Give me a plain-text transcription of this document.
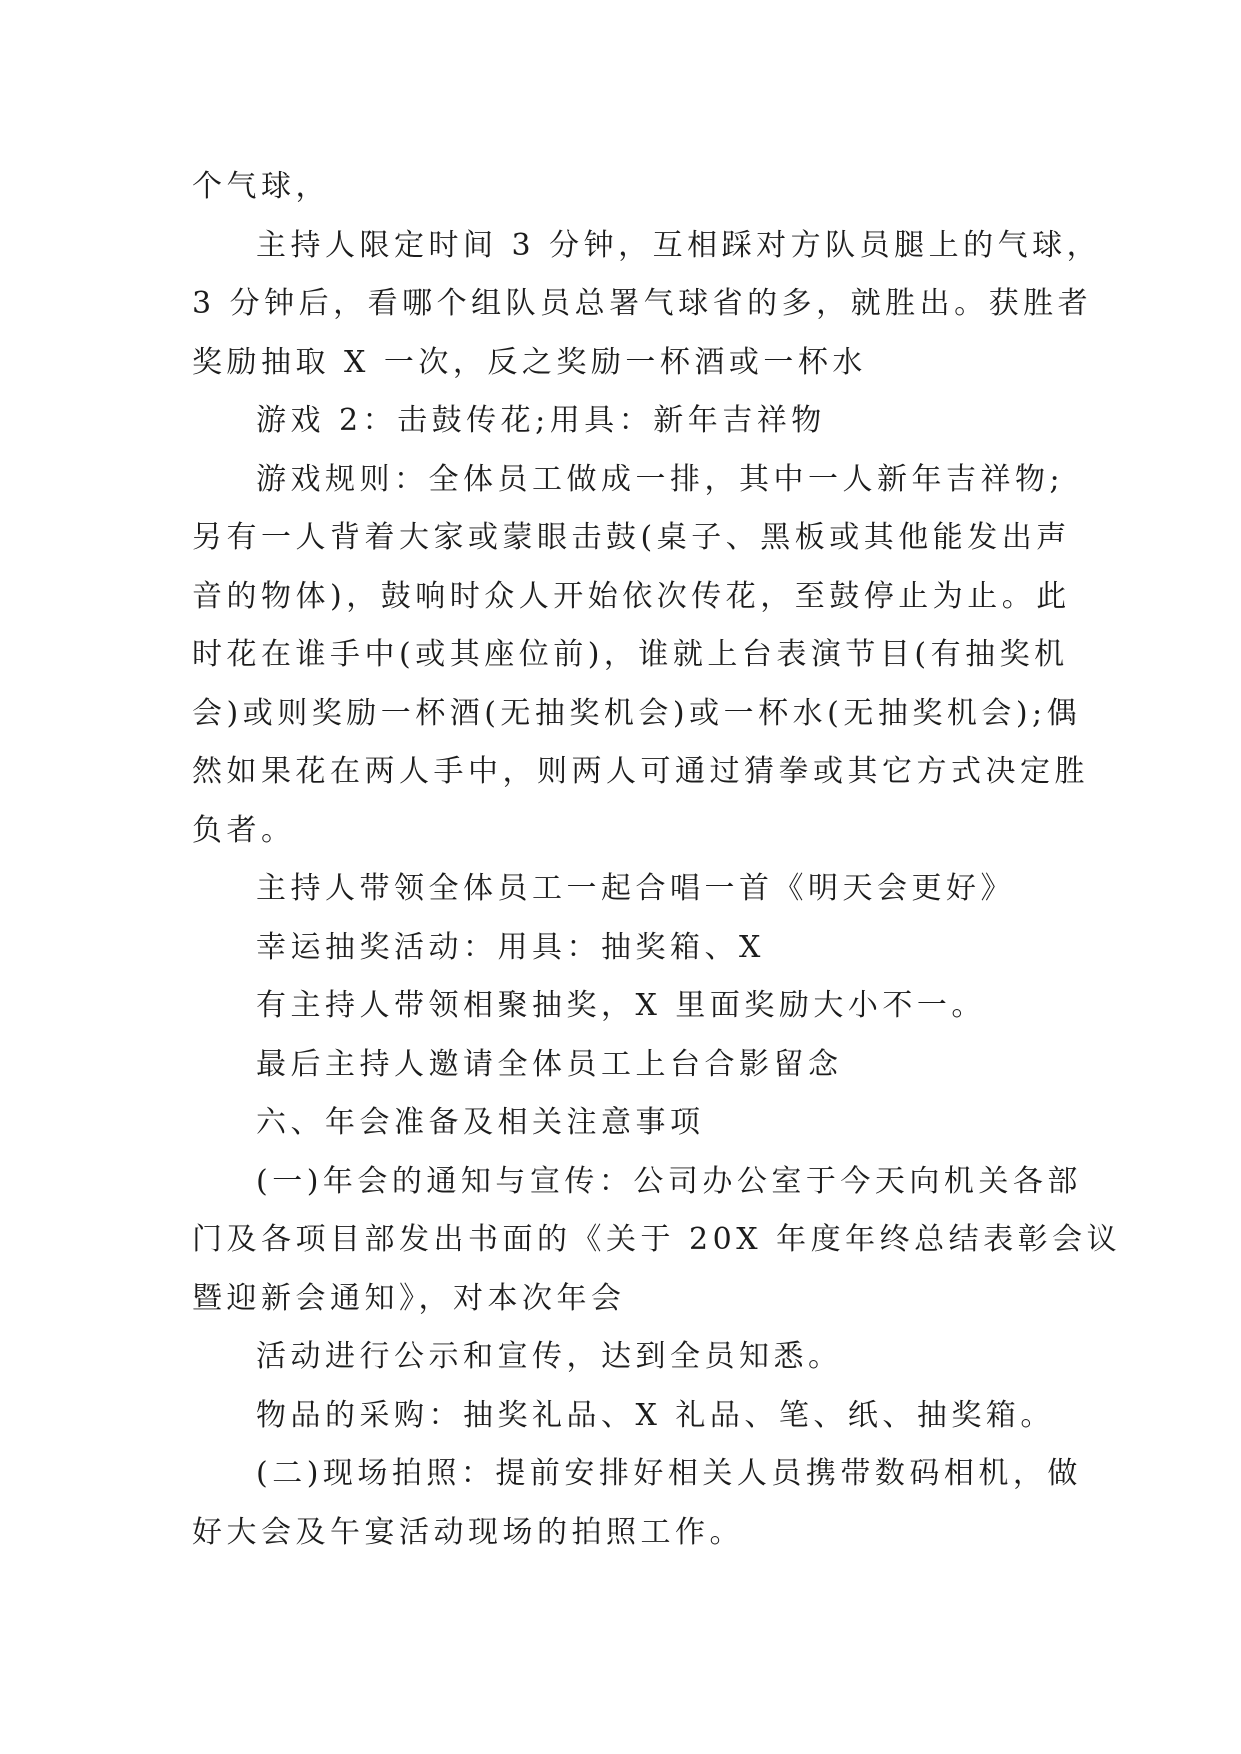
个气球，

主持人限定时间 3 分钟，互相踩对方队员腿上的气球，
3 分钟后，看哪个组队员总署气球省的多，就胜出。获胜者
奖励抽取 X 一次，反之奖励一杯酒或一杯水

游戏 2：击鼓传花;用具：新年吉祥物

游戏规则：全体员工做成一排，其中一人新年吉祥物;
另有一人背着大家或蒙眼击鼓(桌子、黑板或其他能发出声
音的物体)，鼓响时众人开始依次传花，至鼓停止为止。此
时花在谁手中(或其座位前)，谁就上台表演节目(有抽奖机
会)或则奖励一杯酒(无抽奖机会)或一杯水(无抽奖机会);偶
然如果花在两人手中，则两人可通过猜拳或其它方式决定胜
负者。

主持人带领全体员工一起合唱一首《明天会更好》

幸运抽奖活动：用具：抽奖箱、X

有主持人带领相聚抽奖，X 里面奖励大小不一。

最后主持人邀请全体员工上台合影留念

六、年会准备及相关注意事项

(一)年会的通知与宣传：公司办公室于今天向机关各部
门及各项目部发出书面的《关于 20X 年度年终总结表彰会议
暨迎新会通知》，对本次年会

活动进行公示和宣传，达到全员知悉。

物品的采购：抽奖礼品、X 礼品、笔、纸、抽奖箱。

(二)现场拍照：提前安排好相关人员携带数码相机，做
好大会及午宴活动现场的拍照工作。
